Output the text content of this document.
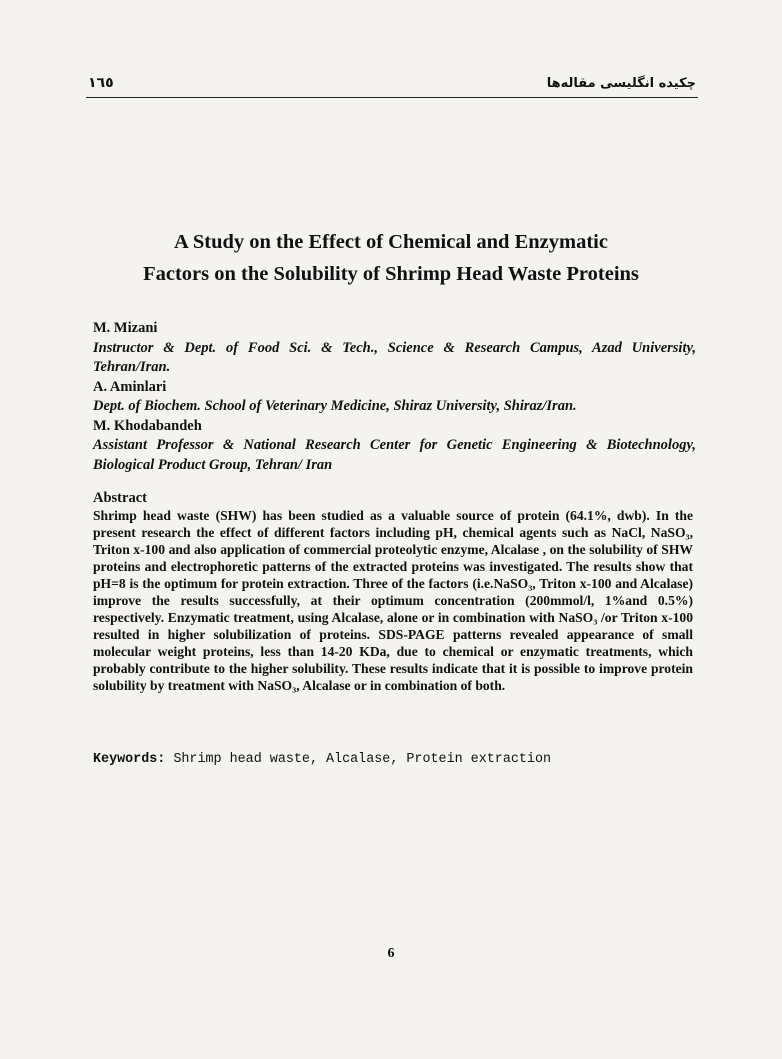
١٦٥	چکیده انگلیسی مقاله‌ها
A Study on the Effect of Chemical and Enzymatic
Factors on the Solubility of Shrimp Head Waste Proteins
M. Mizani
Instructor & Dept. of Food Sci. & Tech., Science & Research Campus, Azad University, Tehran/Iran.
A. Aminlari
Dept. of Biochem. School of Veterinary Medicine, Shiraz University, Shiraz/Iran.
M. Khodabandeh
Assistant Professor & National Research Center for Genetic Engineering & Biotechnology, Biological Product Group, Tehran/ Iran
Abstract
Shrimp head waste (SHW) has been studied as a valuable source of protein (64.1%, dwb). In the present research the effect of different factors including pH, chemical agents such as NaCl, NaSO₃, Triton x-100 and also application of commercial proteolytic enzyme, Alcalase , on the solubility of SHW proteins and electrophoretic patterns of the extracted proteins was investigated. The results show that pH=8 is the optimum for protein extraction. Three of the factors (i.e.NaSO₃, Triton x-100 and Alcalase) improve the results successfully, at their optimum concentration (200mmol/l, 1%and 0.5%) respectively. Enzymatic treatment, using Alcalase, alone or in combination with NaSO₃ /or Triton x-100 resulted in higher solubilization of proteins. SDS-PAGE patterns revealed appearance of small molecular weight proteins, less than 14-20 KDa, due to chemical or enzymatic treatments, which probably contribute to the higher solubility. These results indicate that it is possible to improve protein solubility by treatment with NaSO₃, Alcalase or in combination of both.
Keywords: Shrimp head waste, Alcalase, Protein extraction
6
